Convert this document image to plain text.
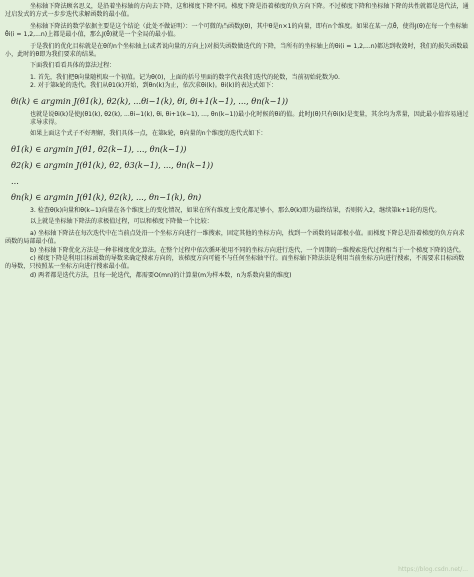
坐标轴下降法顾名思义，是沿着坐标轴的方向去下降，这和梯度下降不同。梯度下降是沿着梯度的负方向下降。不过梯度下降和坐标轴下降的共性就都是迭代法，通过启发式的方式一步步迭代求解函数的最小值。

坐标轴下降法的数学依据主要是这个结论（此处不做证明）：一个可微的凸函数J(θ)，其中θ是n×1的向量，即有n个维度。如果在某一点θ̄，使得J(θ)在每一个坐标轴θ̄i(i = 1,2,...n)上都是最小值，那么J(θ̄)就是一个全局的最小值。

于是我们的优化目标就是在θ的n个坐标轴上(或者说向量的方向上)对损失函数做迭代的下降，当所有的坐标轴上的θi(i = 1,2,...n)都达到收敛时，我们的损失函数最小，此时的θ即为我们要求的结果。

下面我们看看具体的算法过程：

1. 首先，我们把θ向量随机取一个初值。记为θ(0)，上面的括号里面的数字代表我们迭代的轮数，当前初始轮数为0.

2. 对于第k轮的迭代。我们从θ1(k)开始，到θn(k)为止，依次求θi(k)。θi(k)的表达式如下：

θi(k) ∈ argmin J(θ1(k), θ2(k), ...θi−1(k), θi, θi+1(k−1), ..., θn(k−1))

也就是说θi(k)是使J(θ1(k), θ2(k), ...θi−1(k), θi, θi+1(k−1), ..., θn(k−1))最小化时候的θi的值。此时J(θ)只有θi(k)是变量，其余均为常量，因此最小值容易通过求导求得。

如果上面这个式子不好理解，我们具体一点，在第k轮，θ向量的n个维度的迭代式如下：

θ1(k) ∈ argmin J(θ1, θ2(k−1), ..., θn(k−1))

θ2(k) ∈ argmin J(θ1(k), θ2, θ3(k−1), ..., θn(k−1))

...

θn(k) ∈ argmin J(θ1(k), θ2(k), ..., θn−1(k), θn)

3. 检查θ(k)向量和θ(k−1)向量在各个维度上的变化情况，如果在所有维度上变化都足够小，那么θ(k)即为最终结果，否则转入2，继续第k+1轮的迭代。

以上就是坐标轴下降法的求极值过程，可以和梯度下降做一个比较：

a) 坐标轴下降法在每次迭代中在当前点处沿一个坐标方向进行一维搜索，固定其他的坐标方向，找到一个函数的局部极小值。而梯度下降总是沿着梯度的负方向求函数的局部最小值。

b) 坐标轴下降优化方法是一种非梯度优化算法。在整个过程中依次循环使用不同的坐标方向进行迭代，一个周期的一维搜索迭代过程相当于一个梯度下降的迭代。

c) 梯度下降是利用目标函数的导数来确定搜索方向的，该梯度方向可能不与任何坐标轴平行。而坐标轴下降法法是利用当前坐标方向进行搜索，不需要求目标函数的导数，只按照某一坐标方向进行搜索最小值。

d) 两者都是迭代方法，且每一轮迭代，都需要O(mn)的计算量(m为样本数，n为系数向量的维度)

https://blog.csdn.net/...
